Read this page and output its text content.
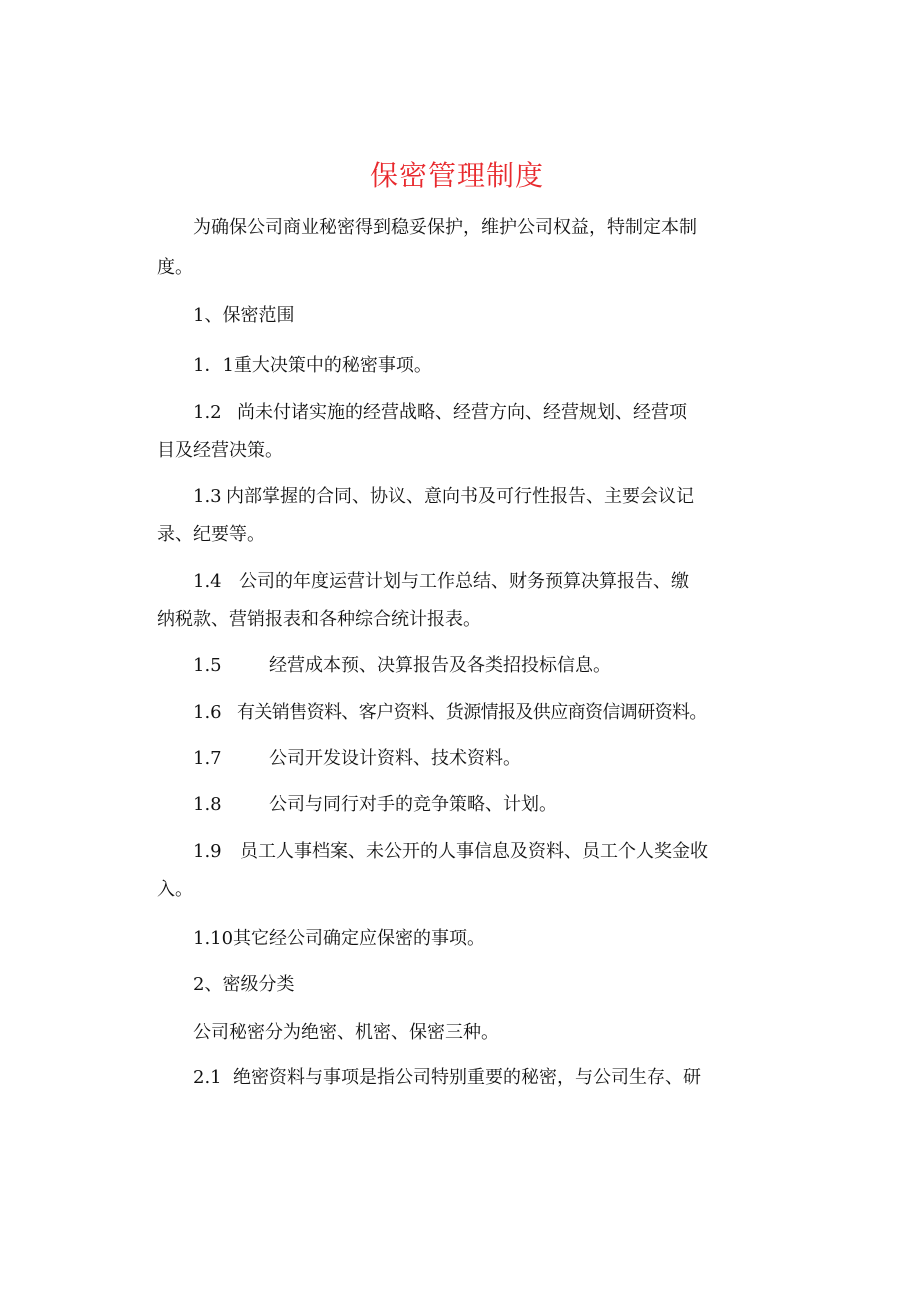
保密管理制度

为确保公司商业秘密得到稳妥保护，维护公司权益，特制定本制

度。

1、保密范围

1．1重大决策中的秘密事项。

1.2 尚未付诸实施的经营战略、经营方向、经营规划、经营项

目及经营决策。

1.3 内部掌握的合同、协议、意向书及可行性报告、主要会议记

录、纪要等。

1.4 公司的年度运营计划与工作总结、财务预算决算报告、缴

纳税款、营销报表和各种综合统计报表。

1.5	经营成本预、决算报告及各类招投标信息。

1.6 有关销售资料、客户资料、货源情报及供应商资信调研资料。

1.7	公司开发设计资料、技术资料。

1.8	公司与同行对手的竞争策略、计划。

1.9 员工人事档案、未公开的人事信息及资料、员工个人奖金收

入。

1.10其它经公司确定应保密的事项。

2、密级分类

公司秘密分为绝密、机密、保密三种。

2.1 绝密资料与事项是指公司特别重要的秘密，与公司生存、研
